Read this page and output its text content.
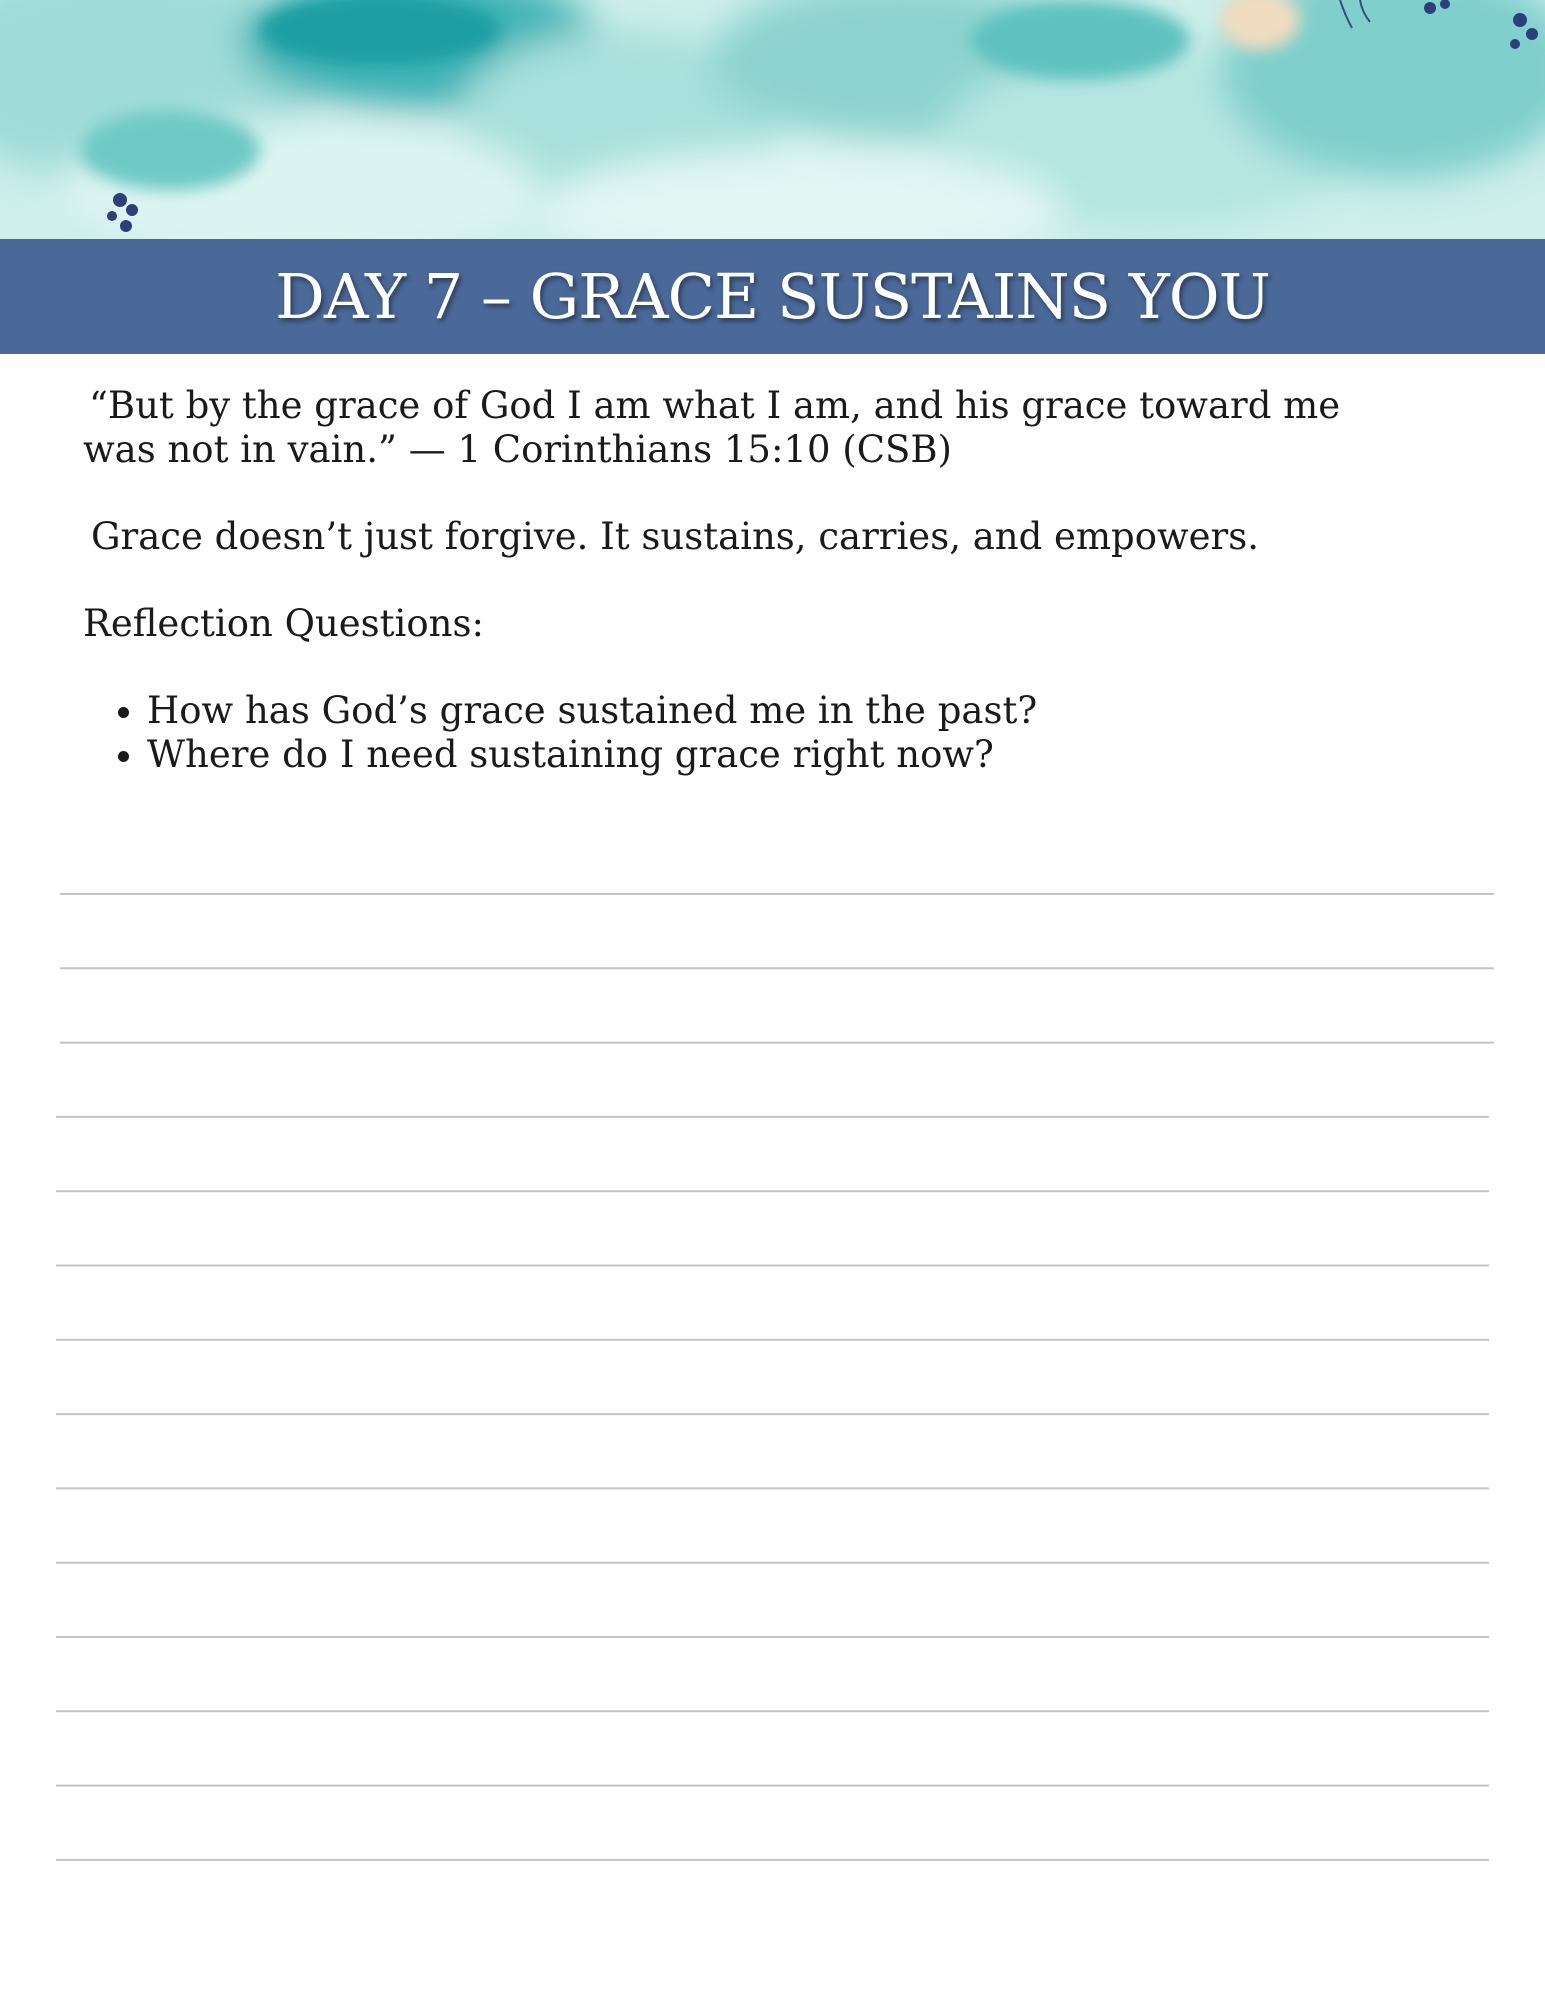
DAY 7 – GRACE SUSTAINS YOU

“But by the grace of God I am what I am, and his grace toward me was not in vain.” — 1 Corinthians 15:10 (CSB)

Grace doesn’t just forgive. It sustains, carries, and empowers.

Reflection Questions:

• How has God’s grace sustained me in the past?
• Where do I need sustaining grace right now?
